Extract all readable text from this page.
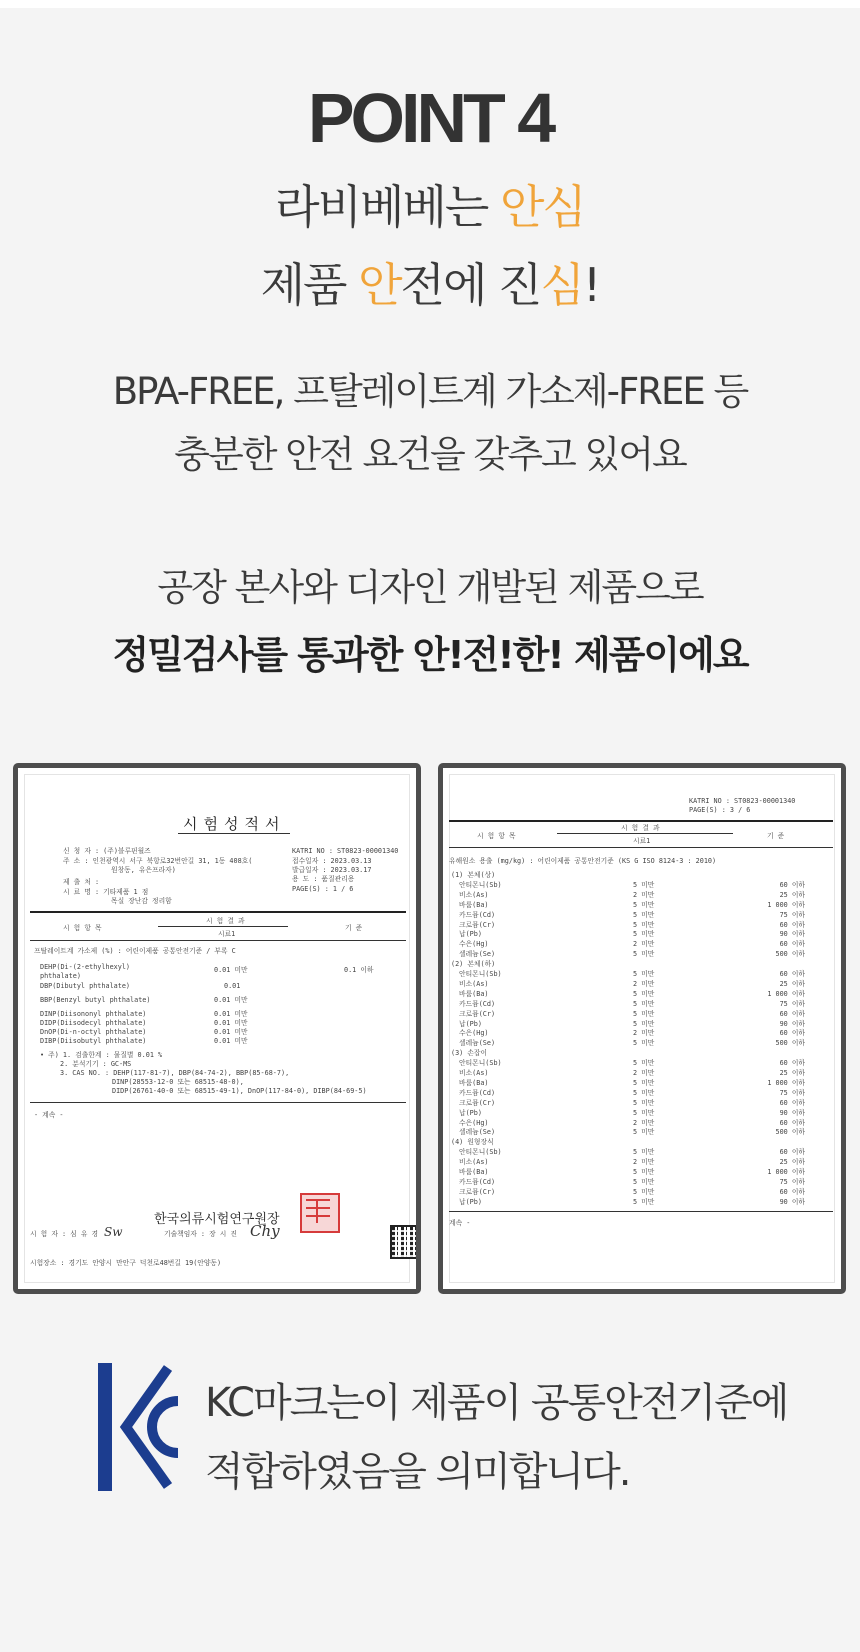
POINT 4
라비베베는 안심
제품 안전에 진심!
BPA-FREE, 프탈레이트계 가소제-FREE 등
충분한 안전 요건을 갖추고 있어요
공장 본사와 디자인 개발된 제품으로
정밀검사를 통과한 안!전!한! 제품이에요
시험성적서
신 청 자 : (주)블루핀월즈
주 소 : 인천광역시 서구 북항로32번안길 31, 1동 408호(
원창동, 유은프라자)
제 출 처 :
시 료 명 : 기타제품 1 점
목실 장난감 정리함
KATRI NO : ST0823-00001340
접수일자 : 2023.03.13
발급일자 : 2023.03.17
용 도 : 품질관리용
PAGE(S) : 1 / 6
시 험 항 목
시 험 결 과
시료1
기 준
프탈레이트계 가소제 (%) : 어린이제품 공통안전기준 / 부록 C
DEHP(Di-(2-ethylhexyl)	0.01 미만	0.1 이하
phthalate)
DBP(Dibutyl phthalate)	0.01
BBP(Benzyl butyl phthalate)	0.01 미만
DINP(Diisononyl phthalate)	0.01 미만
DIDP(Diisodecyl phthalate)	0.01 미만
DnOP(Di-n-octyl phthalate)	0.01 미만
DIBP(Diisobutyl phthalate)	0.01 미만
• 주) 1. 검출한계 : 물질별 0.01 %
2. 분석기기 : GC-MS
3. CAS NO. : DEHP(117-81-7), DBP(84-74-2), BBP(85-68-7),
DINP(28553-12-0 또는 68515-48-0),
DIDP(26761-40-0 또는 68515-49-1), DnOP(117-84-0), DIBP(84-69-5)
- 계속 -
한국의류시험연구원장
시 험 자 : 심 유 경 Sw	기술책임자 : 장 시 진 Chy
시험장소 : 경기도 안양시 만안구 덕천로48번길 19(안양동)
KATRI NO : ST0823-00001340
PAGE(S) : 3 / 6
시 험 항 목
시 험 결 과
시료1
기 준
유해원소 용출 (mg/kg) : 어린이제품 공통안전기준 (KS G ISO 8124-3 : 2010)
(1) 본체(상)
안티몬니(Sb)	5 미만	60 이하
비소(As)	2 미만	25 이하
바륨(Ba)	5 미만	1 000 이하
카드뮴(Cd)	5 미만	75 이하
크로뮴(Cr)	5 미만	60 이하
납(Pb)	5 미만	90 이하
수은(Hg)	2 미만	60 이하
셀레늄(Se)	5 미만	500 이하
(2) 본체(하)
안티몬니(Sb)	5 미만	60 이하
비소(As)	2 미만	25 이하
바륨(Ba)	5 미만	1 000 이하
카드뮴(Cd)	5 미만	75 이하
크로뮴(Cr)	5 미만	60 이하
납(Pb)	5 미만	90 이하
수은(Hg)	2 미만	60 이하
셀레늄(Se)	5 미만	500 이하
(3) 손잡이
안티몬니(Sb)	5 미만	60 이하
비소(As)	2 미만	25 이하
바륨(Ba)	5 미만	1 000 이하
카드뮴(Cd)	5 미만	75 이하
크로뮴(Cr)	5 미만	60 이하
납(Pb)	5 미만	90 이하
수은(Hg)	2 미만	60 이하
셀레늄(Se)	5 미만	500 이하
(4) 원형장식
안티몬니(Sb)	5 미만	60 이하
비소(As)	2 미만	25 이하
바륨(Ba)	5 미만	1 000 이하
카드뮴(Cd)	5 미만	75 이하
크로뮴(Cr)	5 미만	60 이하
납(Pb)	5 미만	90 이하
계속 -
KC마크는이 제품이 공통안전기준에
적합하였음을 의미합니다.
